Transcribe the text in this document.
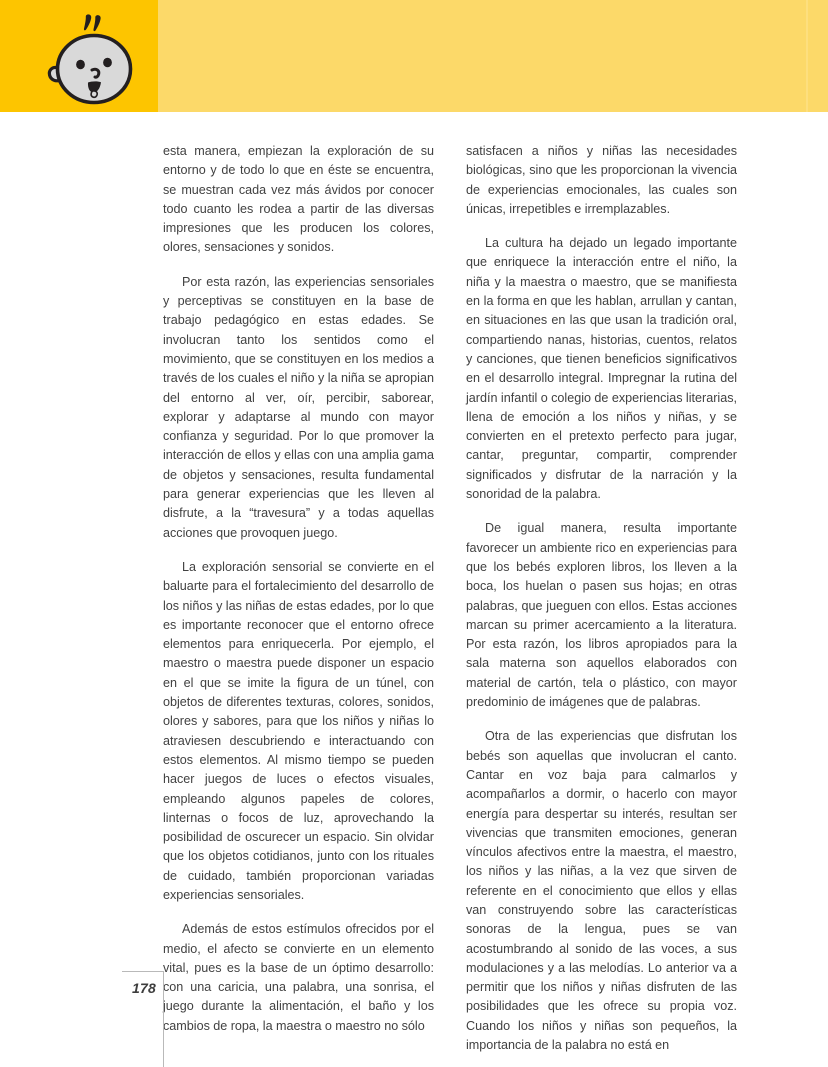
esta manera, empiezan la exploración de su entorno y de todo lo que en éste se encuentra, se muestran cada vez más ávidos por conocer todo cuanto les rodea a partir de las diversas impresiones que les producen los colores, olores, sensaciones y sonidos.

Por esta razón, las experiencias sensoriales y perceptivas se constituyen en la base de trabajo pedagógico en estas edades. Se involucran tanto los sentidos como el movimiento, que se constituyen en los medios a través de los cuales el niño y la niña se apropian del entorno al ver, oír, percibir, saborear, explorar y adaptarse al mundo con mayor confianza y seguridad. Por lo que promover la interacción de ellos y ellas con una amplia gama de objetos y sensaciones, resulta fundamental para generar experiencias que les lleven al disfrute, a la “travesura” y a todas aquellas acciones que provoquen juego.

La exploración sensorial se convierte en el baluarte para el fortalecimiento del desarrollo de los niños y las niñas de estas edades, por lo que es importante reconocer que el entorno ofrece elementos para enriquecerla. Por ejemplo, el maestro o maestra puede disponer un espacio en el que se imite la figura de un túnel, con objetos de diferentes texturas, colores, sonidos, olores y sabores, para que los niños y niñas lo atraviesen descubriendo e interactuando con estos elementos. Al mismo tiempo se pueden hacer juegos de luces o efectos visuales, empleando algunos papeles de colores, linternas o focos de luz, aprovechando la posibilidad de oscurecer un espacio. Sin olvidar que los objetos cotidianos, junto con los rituales de cuidado, también proporcionan variadas experiencias sensoriales.

Además de estos estímulos ofrecidos por el medio, el afecto se convierte en un elemento vital, pues es la base de un óptimo desarrollo: con una caricia, una palabra, una sonrisa, el juego durante la alimentación, el baño y los cambios de ropa, la maestra o maestro no sólo

satisfacen a niños y niñas las necesidades biológicas, sino que les proporcionan la vivencia de experiencias emocionales, las cuales son únicas, irrepetibles e irremplazables.

La cultura ha dejado un legado importante que enriquece la interacción entre el niño, la niña y la maestra o maestro, que se manifiesta en la forma en que les hablan, arrullan y cantan, en situaciones en las que usan la tradición oral, compartiendo nanas, historias, cuentos, relatos y canciones, que tienen beneficios significativos en el desarrollo integral. Impregnar la rutina del jardín infantil o colegio de experiencias literarias, llena de emoción a los niños y niñas, y se convierten en el pretexto perfecto para jugar, cantar, preguntar, compartir, comprender significados y disfrutar de la narración y la sonoridad de la palabra.

De igual manera, resulta importante favorecer un ambiente rico en experiencias para que los bebés exploren libros, los lleven a la boca, los huelan o pasen sus hojas; en otras palabras, que jueguen con ellos. Estas acciones marcan su primer acercamiento a la literatura. Por esta razón, los libros apropiados para la sala materna son aquellos elaborados con material de cartón, tela o plástico, con mayor predominio de imágenes que de palabras.

Otra de las experiencias que disfrutan los bebés son aquellas que involucran el canto. Cantar en voz baja para calmarlos y acompañarlos a dormir, o hacerlo con mayor energía para despertar su interés, resultan ser vivencias que transmiten emociones, generan vínculos afectivos entre la maestra, el maestro, los niños y las niñas, a la vez que sirven de referente en el conocimiento que ellos y ellas van construyendo sobre las características sonoras de la lengua, pues se van acostumbrando al sonido de las voces, a sus modulaciones y a las melodías. Lo anterior va a permitir que los niños y niñas disfruten de las posibilidades que les ofrece su propia voz. Cuando los niños y niñas son pequeños, la importancia de la palabra no está en

178
